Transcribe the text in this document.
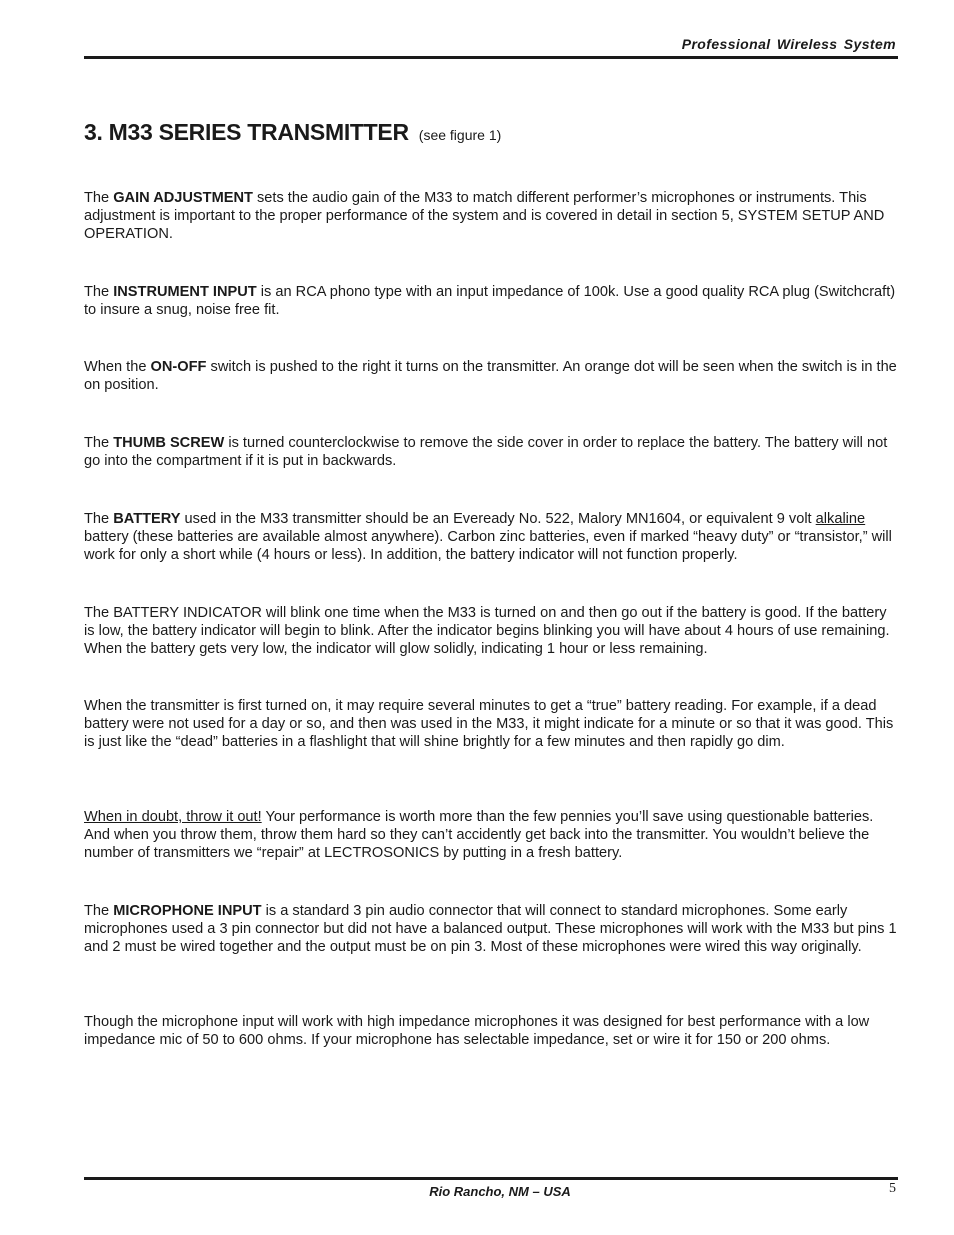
Professional Wireless System
3. M33 SERIES TRANSMITTER (see figure 1)

The GAIN ADJUSTMENT sets the audio gain of the M33 to match different performer’s microphones or instruments. This adjustment is important to the proper performance of the system and is covered in detail in section 5, SYSTEM SETUP AND OPERATION.

The INSTRUMENT INPUT is an RCA phono type with an input impedance of 100k. Use a good quality RCA plug (Switchcraft) to insure a snug, noise free fit.

When the ON-OFF switch is pushed to the right it turns on the transmitter. An orange dot will be seen when the switch is in the on position.

The THUMB SCREW is turned counterclockwise to remove the side cover in order to replace the battery. The battery will not go into the compartment if it is put in backwards.

The BATTERY used in the M33 transmitter should be an Eveready No. 522, Malory MN1604, or equivalent 9 volt alkaline battery (these batteries are available almost anywhere). Carbon zinc batteries, even if marked “heavy duty” or “transistor,” will work for only a short while (4 hours or less). In addition, the battery indicator will not function properly.

The BATTERY INDICATOR will blink one time when the M33 is turned on and then go out if the battery is good. If the battery is low, the battery indicator will begin to blink. After the indicator begins blinking you will have about 4 hours of use remaining. When the battery gets very low, the indicator will glow solidly, indicating 1 hour or less remaining.

When the transmitter is first turned on, it may require several minutes to get a “true” battery reading. For example, if a dead battery were not used for a day or so, and then was used in the M33, it might indicate for a minute or so that it was good. This is just like the “dead” batteries in a flashlight that will shine brightly for a few minutes and then rapidly go dim.

When in doubt, throw it out! Your performance is worth more than the few pennies you’ll save using questionable batteries. And when you throw them, throw them hard so they can’t accidently get back into the transmitter. You wouldn’t believe the number of transmitters we “repair” at LECTROSONICS by putting in a fresh battery.

The MICROPHONE INPUT is a standard 3 pin audio connector that will connect to standard microphones. Some early microphones used a 3 pin connector but did not have a balanced output. These microphones will work with the M33 but pins 1 and 2 must be wired together and the output must be on pin 3. Most of these microphones were wired this way originally.

Though the microphone input will work with high impedance microphones it was designed for best performance with a low impedance mic of 50 to 600 ohms. If your microphone has selectable impedance, set or wire it for 150 or 200 ohms.

Rio Rancho, NM – USA	5
